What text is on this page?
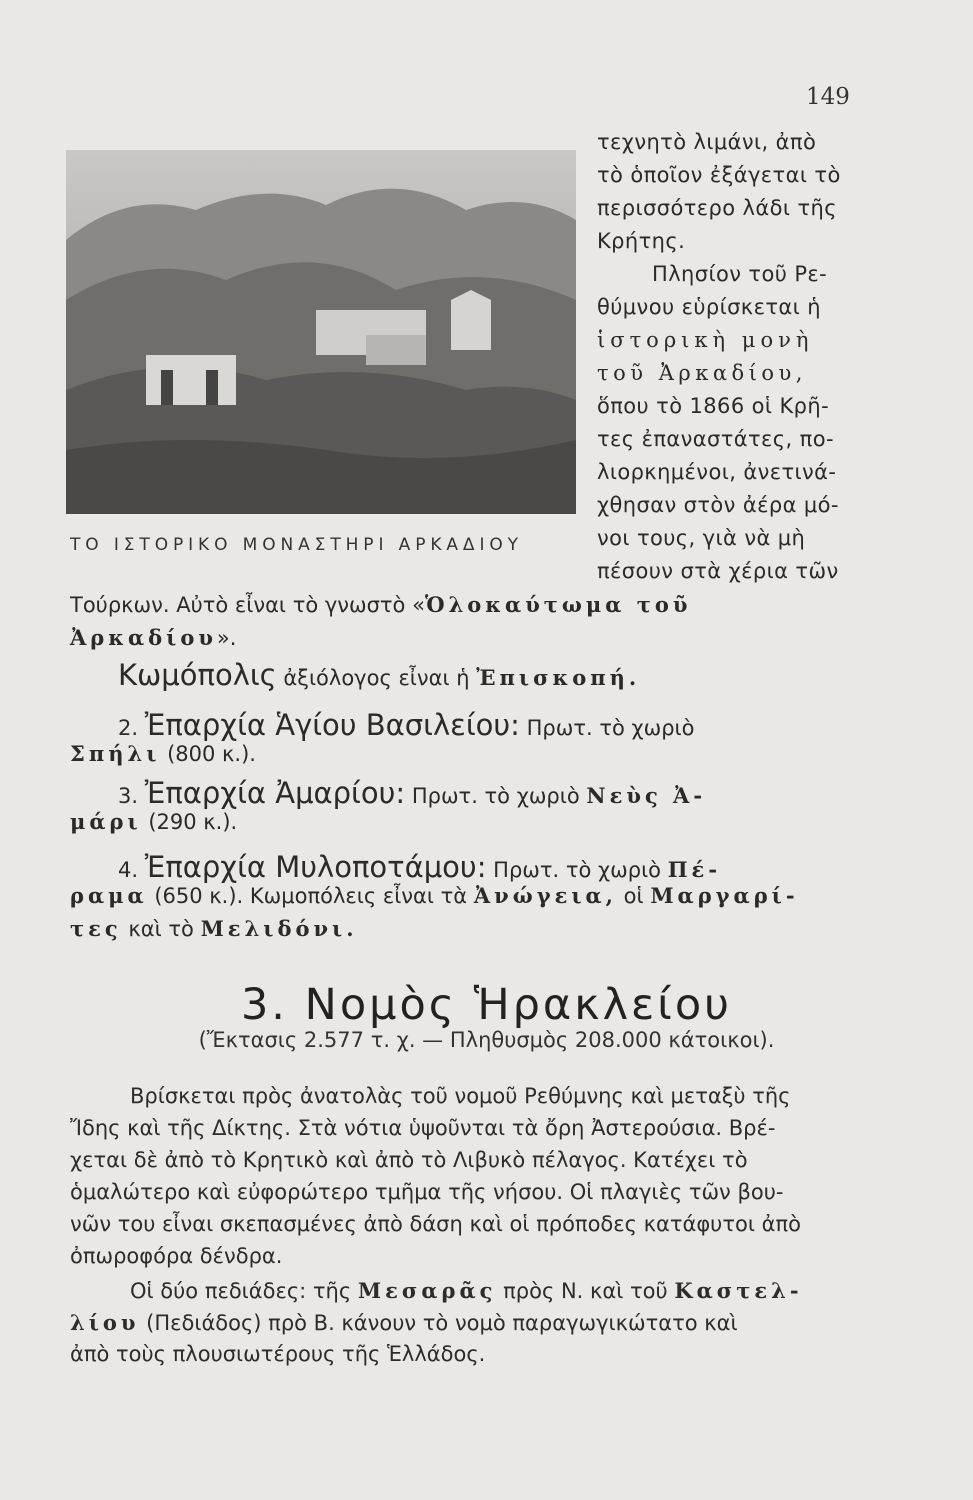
149
ΤΟ ΙΣΤΟΡΙΚΟ ΜΟΝΑΣΤΗΡΙ ΑΡΚΑΔΙΟΥ
τεχνητὸ λιμάνι, ἀπὸ
τὸ ὁποῖον ἐξάγεται τὸ
περισσότερο λάδι τῆς
Κρήτης.
Πλησίον τοῦ Ρε-
θύμνου εὑρίσκεται ἡ
ἱστορικὴ μονὴ
τοῦ Ἀρκαδίου,
ὅπου τὸ 1866 οἱ Κρῆ-
τες ἐπαναστάτες, πο-
λιορκημένοι, ἀνετινά-
χθησαν στὸν ἀέρα μό-
νοι τους, γιὰ νὰ μὴ
πέσουν στὰ χέρια τῶν
Τούρκων. Αὐτὸ εἶναι τὸ γνωστὸ «Ὁλοκαύτωμα τοῦ
Ἀρκαδίου».
Κωμόπολις ἀξιόλογος εἶναι ἡ Ἐπισκοπή.
2. Ἐπαρχία Ἁγίου Βασιλείου: Πρωτ. τὸ χωριὸ
Σπήλι (800 κ.).
3. Ἐπαρχία Ἀμαρίου: Πρωτ. τὸ χωριὸ Νεὺς Ἀ-
μάρι (290 κ.).
4. Ἐπαρχία Μυλοποτάμου: Πρωτ. τὸ χωριὸ Πέ-
ραμα (650 κ.). Κωμοπόλεις εἶναι τὰ Ἀνώγεια, οἱ Μαργαρί-
τες καὶ τὸ Μελιδόνι.
3. Νομὸς Ἡρακλείου
(Ἔκτασις 2.577 τ. χ. — Πληθυσμὸς 208.000 κάτοικοι).
Βρίσκεται πρὸς ἀνατολὰς τοῦ νομοῦ Ρεθύμνης καὶ μεταξὺ τῆς
Ἴδης καὶ τῆς Δίκτης. Στὰ νότια ὑψοῦνται τὰ ὄρη Ἀστερούσια. Βρέ-
χεται δὲ ἀπὸ τὸ Κρητικὸ καὶ ἀπὸ τὸ Λιβυκὸ πέλαγος. Κατέχει τὸ
ὁμαλώτερο καὶ εὐφορώτερο τμῆμα τῆς νήσου. Οἱ πλαγιὲς τῶν βου-
νῶν του εἶναι σκεπασμένες ἀπὸ δάση καὶ οἱ πρόποδες κατάφυτοι ἀπὸ
ὀπωροφόρα δένδρα.
Οἱ δύο πεδιάδες: τῆς Μεσαρᾶς πρὸς Ν. καὶ τοῦ Καστελ-
λίου (Πεδιάδος) πρὸ Β. κάνουν τὸ νομὸ παραγωγικώτατο καὶ
ἀπὸ τοὺς πλουσιωτέρους τῆς Ἑλλάδος.
